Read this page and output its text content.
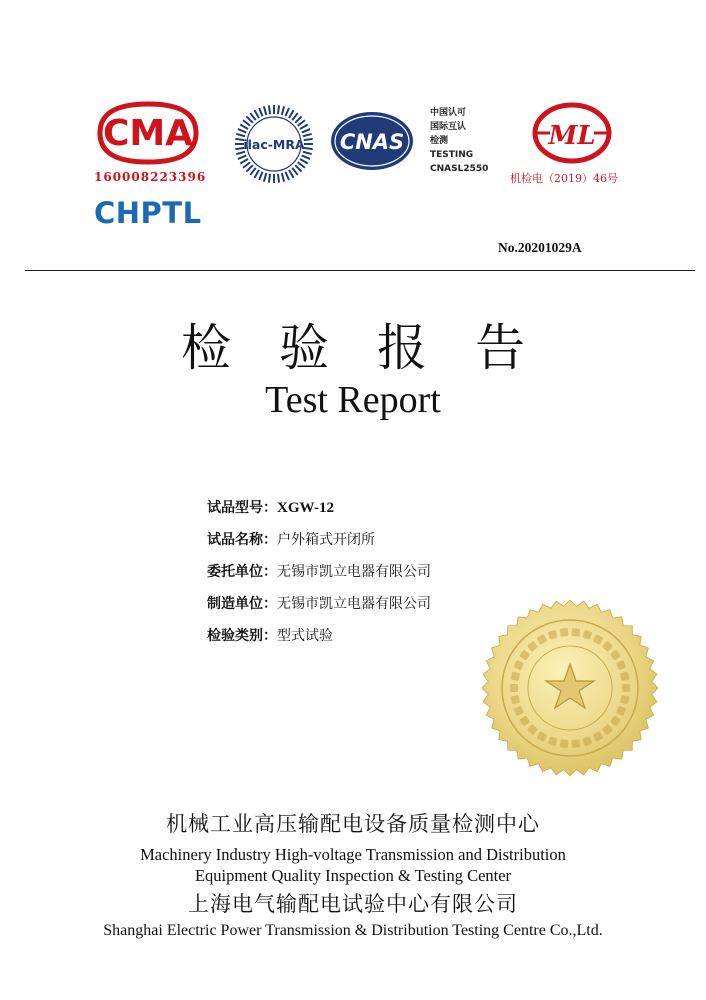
CMA
160008223396
CHPTL
ilac-MRA CNAS
中国认可
国际互认
检测
TESTING
CNASL2550
ML
机检电（2019）46号
No.20201029A
检验报告
Test Report
试品型号：XGW-12
试品名称：户外箱式开闭所
委托单位：无锡市凯立电器有限公司
制造单位：无锡市凯立电器有限公司
检验类别：型式试验
机械工业高压输配电设备质量检测中心
Machinery Industry High-voltage Transmission and Distribution
Equipment Quality Inspection & Testing Center
上海电气输配电试验中心有限公司
Shanghai Electric Power Transmission & Distribution Testing Centre Co.,Ltd.
